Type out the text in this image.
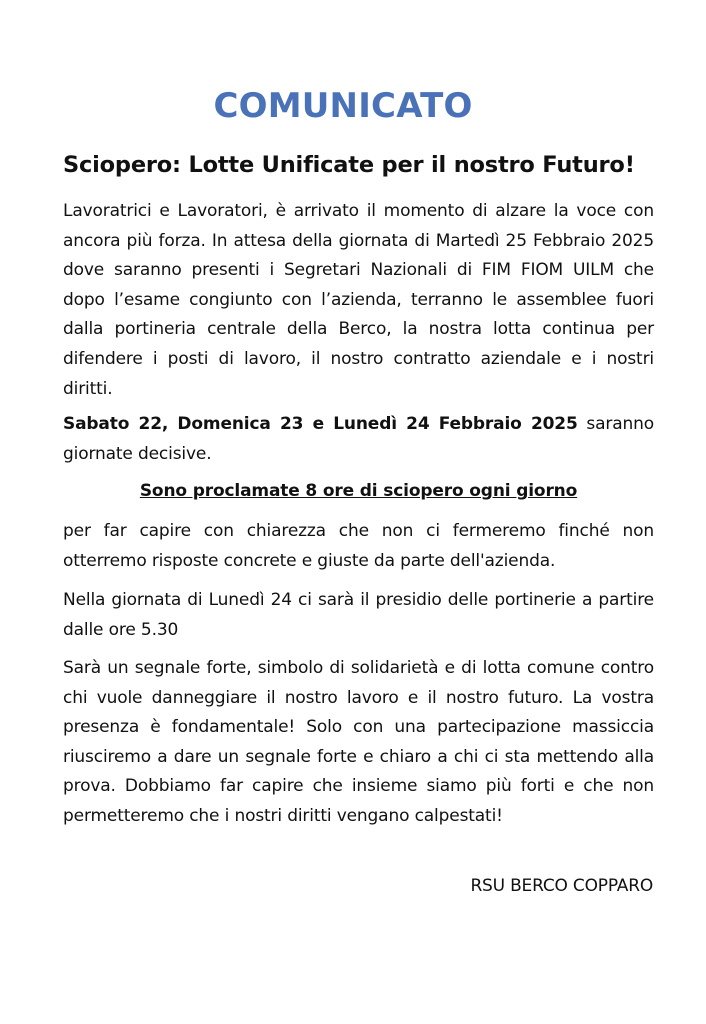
COMUNICATO
Sciopero: Lotte Unificate per il nostro Futuro!

Lavoratrici e Lavoratori, è arrivato il momento di alzare la voce con ancora più forza. In attesa della giornata di Martedì 25 Febbraio 2025 dove saranno presenti i Segretari Nazionali di FIM FIOM UILM che dopo l’esame congiunto con l’azienda, terranno le assemblee fuori dalla portineria centrale della Berco, la nostra lotta continua per difendere i posti di lavoro, il nostro contratto aziendale e i nostri diritti.

Sabato 22, Domenica 23 e Lunedì 24 Febbraio 2025 saranno giornate decisive.

Sono proclamate 8 ore di sciopero ogni giorno

per far capire con chiarezza che non ci fermeremo finché non otterremo risposte concrete e giuste da parte dell'azienda.

Nella giornata di Lunedì 24 ci sarà il presidio delle portinerie a partire dalle ore 5.30

Sarà un segnale forte, simbolo di solidarietà e di lotta comune contro chi vuole danneggiare il nostro lavoro e il nostro futuro. La vostra presenza è fondamentale! Solo con una partecipazione massiccia riusciremo a dare un segnale forte e chiaro a chi ci sta mettendo alla prova. Dobbiamo far capire che insieme siamo più forti e che non permetteremo che i nostri diritti vengano calpestati!

RSU BERCO COPPARO
